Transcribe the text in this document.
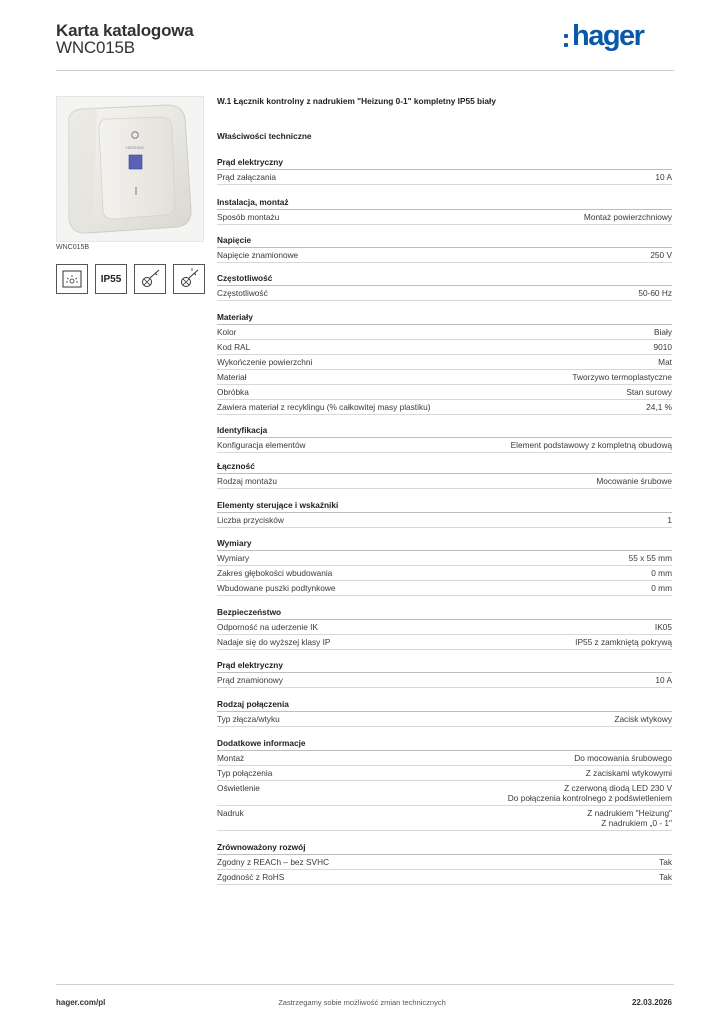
Karta katalogowa
WNC015B	hager
HEIZUNG
WNC015B
IP55
W.1 Łącznik kontrolny z nadrukiem "Heizung 0-1" kompletny IP55 biały
Właściwości techniczne
Prąd elektryczny
Prąd załączania	10 A
Instalacja, montaż
Sposób montażu	Montaż powierzchniowy
Napięcie
Napięcie znamionowe	250 V
Częstotliwość
Częstotliwość	50-60 Hz
Materiały
Kolor	Biały
Kod RAL	9010
Wykończenie powierzchni	Mat
Materiał	Tworzywo termoplastyczne
Obróbka	Stan surowy
Zawiera materiał z recyklingu (% całkowitej masy plastiku)	24,1 %
Identyfikacja
Konfiguracja elementów	Element podstawowy z kompletną obudową
Łączność
Rodzaj montażu	Mocowanie śrubowe
Elementy sterujące i wskaźniki
Liczba przycisków	1
Wymiary
Wymiary	55 x 55 mm
Zakres głębokości wbudowania	0 mm
Wbudowane puszki podtynkowe	0 mm
Bezpieczeństwo
Odporność na uderzenie IK	IK05
Nadaje się do wyższej klasy IP	IP55 z zamkniętą pokrywą
Prąd elektryczny
Prąd znamionowy	10 A
Rodzaj połączenia
Typ złącza/wtyku	Zacisk wtykowy
Dodatkowe informacje
Montaż	Do mocowania śrubowego
Typ połączenia	Z zaciskami wtykowymi
Oświetlenie	Z czerwoną diodą LED 230 V
Do połączenia kontrolnego z podświetleniem
Nadruk	Z nadrukiem "Heizung"
Z nadrukiem „0 - 1"
Zrównoważony rozwój
Zgodny z REACh – bez SVHC	Tak
Zgodność z RoHS	Tak
hager.com/pl	Zastrzegamy sobie możliwość zmian technicznych	22.03.2026
